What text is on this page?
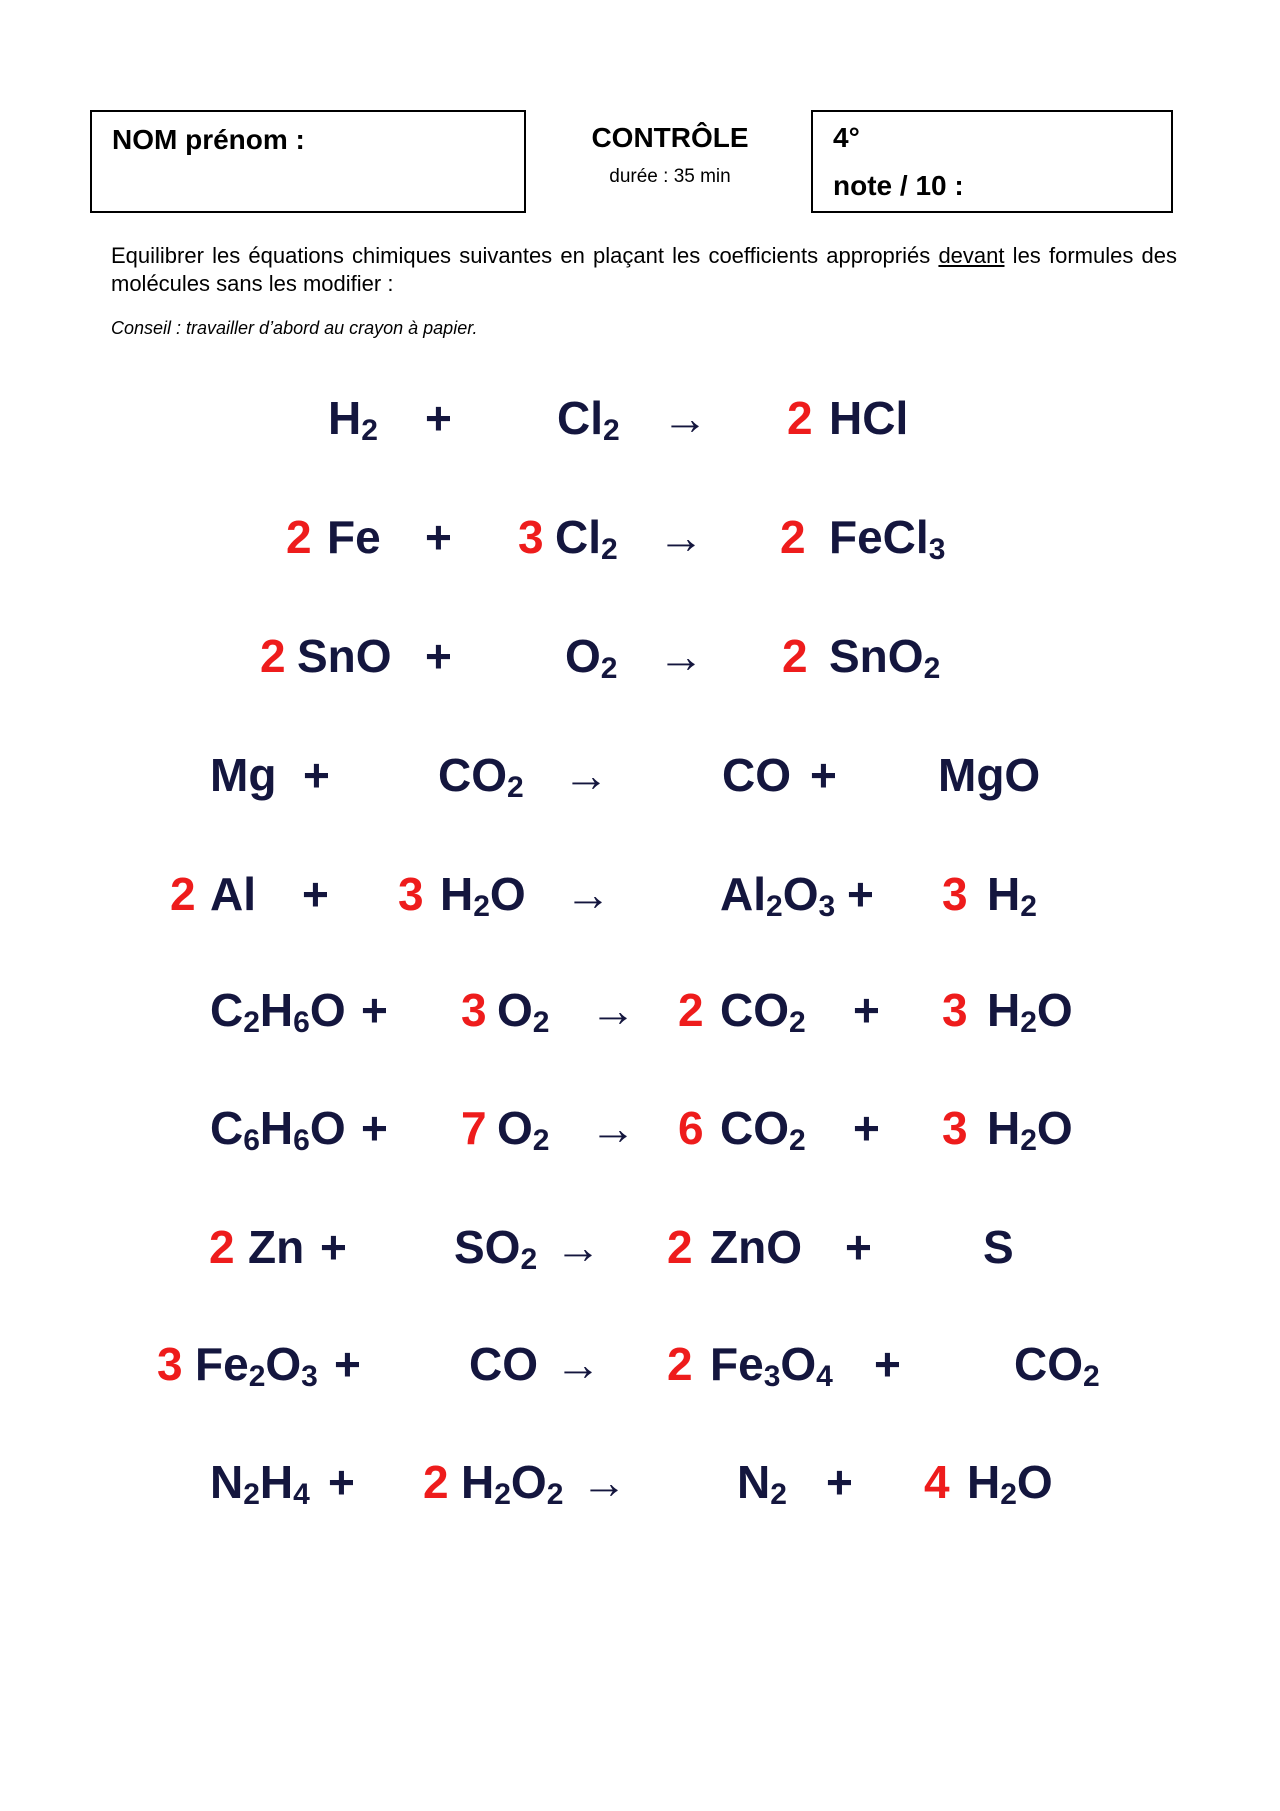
NOM prénom :	CONTRÔLE
durée : 35 min
4°
note / 10 :
Equilibrer les équations chimiques suivantes en plaçant les coefficients appropriés devant les formules des molécules sans les modifier :
Conseil : travailler d’abord au crayon à papier.
$H_2 + Cl_2 \to 2$ HCl
2 Fe + 3 $Cl_2 \to 2$ FeCl$_3$
2 SnO + $O_2 \to 2$ SnO$_2$
$Mg + CO_2$ → CO + MgO
2 Al + 3 $H_2O \to Al_2O_3 + 3$ $H_2$
$C_2H_6O + 3$ $O_2 \to 2$ $CO_2 + 3$ $H_2O$
$C_6H_6O + 7$ $O_2 \to 6$ $CO_2 + 3$ $H_2O$
2 $Zn + SO_2 \to 2$ ZnO + S
3 $Fe_2O_3$ + CO → 2 $Fe_3O_4 + CO_2$
$N_2H_4 + 2$ $H_2O_2 \to N_2 + 4$ $H_2O$
